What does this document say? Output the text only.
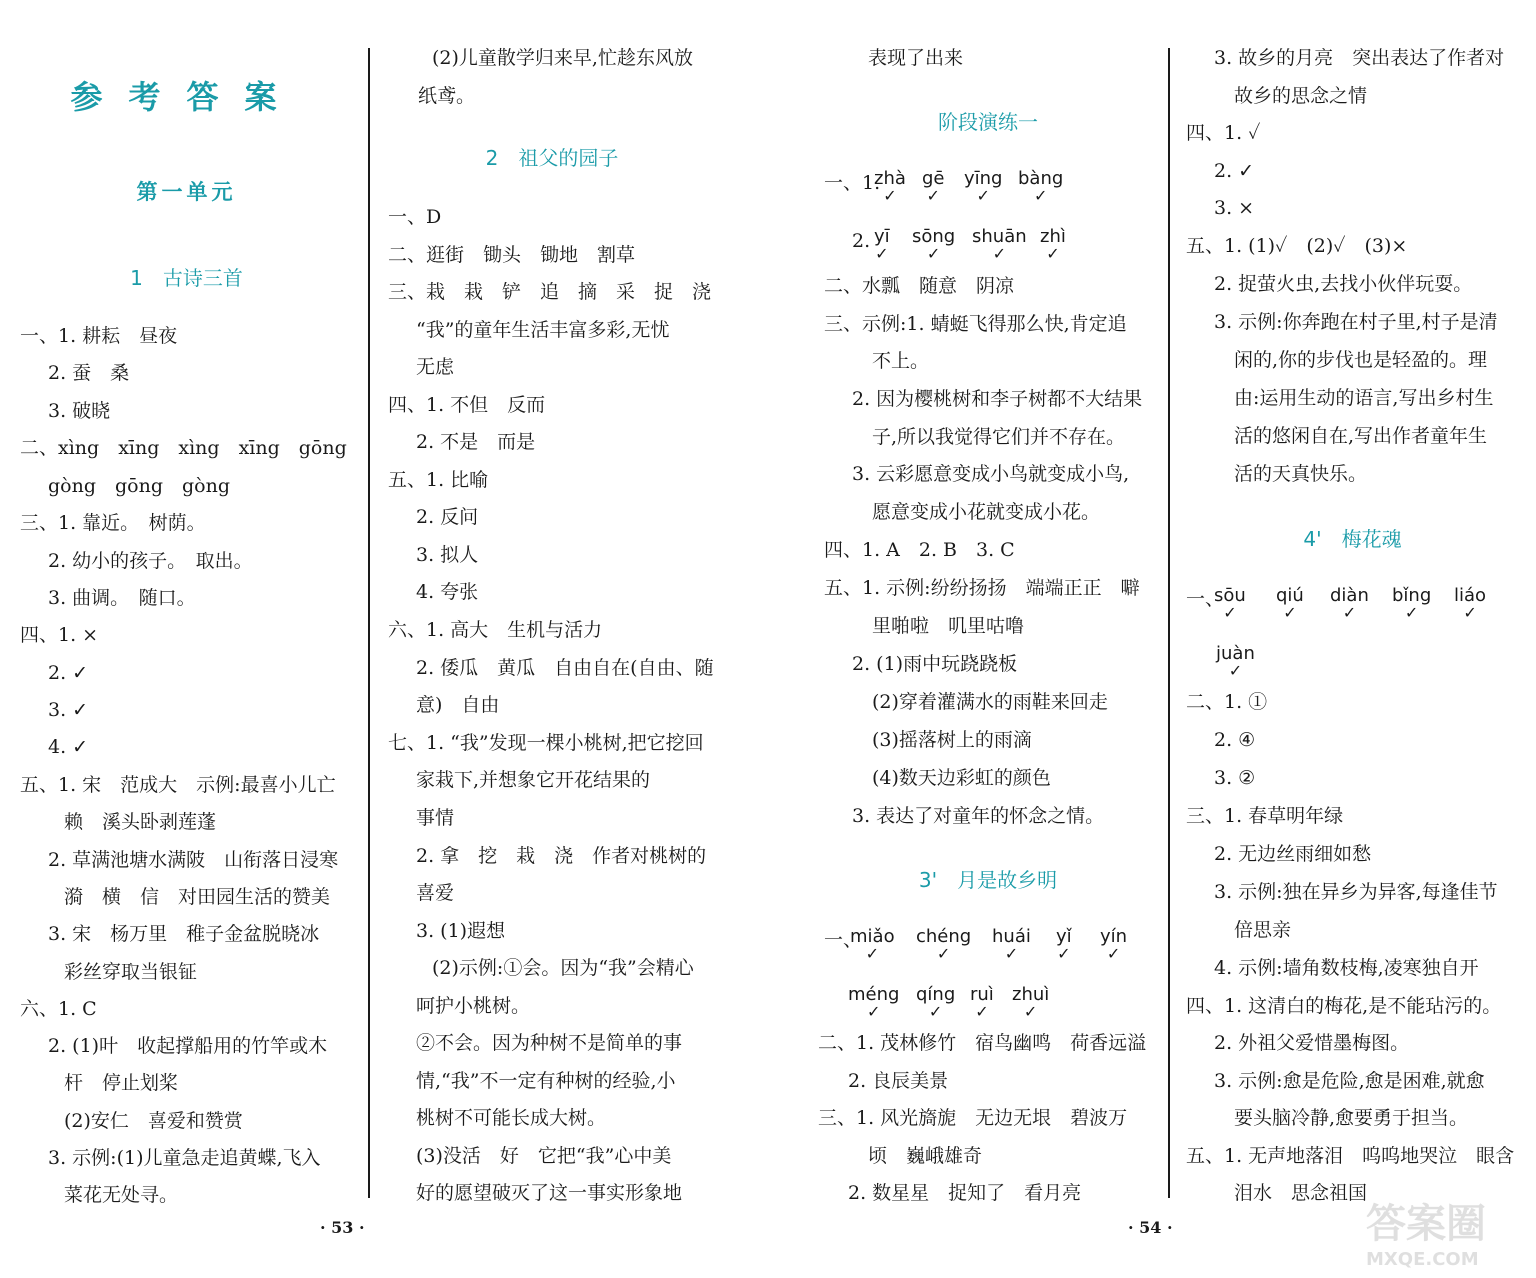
参考答案
第一单元
1　古诗三首
一、1. 耕耘　昼夜
2. 蚕　桑
3. 破晓
二、xìng　xīng　xìng　xīng　gōng
gòng　gōng　gòng
三、1. 靠近。　树荫。
2. 幼小的孩子。　取出。
3. 曲调。　随口。
四、1. ×
2. ✓
3. ✓
4. ✓
五、1. 宋　范成大　示例:最喜小儿亡
赖　溪头卧剥莲蓬
2. 草满池塘水满陂　山衔落日浸寒
漪　横　信　对田园生活的赞美
3. 宋　杨万里　稚子金盆脱晓冰
彩丝穿取当银钲
六、1. C
2. (1)叶　收起撑船用的竹竿或木
杆　停止划桨
(2)安仁　喜爱和赞赏
3. 示例:(1)儿童急走追黄蝶,飞入
菜花无处寻。
· 53 ·
(2)儿童散学归来早,忙趁东风放
纸鸢。
2　祖父的园子
一、D
二、逛街　锄头　锄地　割草
三、栽　栽　铲　追　摘　采　捉　浇
“我”的童年生活丰富多彩,无忧
无虑
四、1. 不但　反而
2. 不是　而是
五、1. 比喻
2. 反问
3. 拟人
4. 夸张
六、1. 高大　生机与活力
2. 倭瓜　黄瓜　自由自在(自由、随
意)　自由
七、1. “我”发现一棵小桃树,把它挖回
家栽下,并想象它开花结果的
事情
2. 拿　挖　栽　浇　作者对桃树的
喜爱
3. (1)遐想
(2)示例:①会。因为“我”会精心
呵护小桃树。
②不会。因为种树不是简单的事
情,“我”不一定有种树的经验,小
桃树不可能长成大树。
(3)没活　好　它把“我”心中美
好的愿望破灭了这一事实形象地
表现了出来
阶段演练一
一、1.
zhà
✓
gē
✓
yīng
✓
bàng
✓
2. yī
✓
sōng
✓
shuān
✓
zhì
✓
二、水瓢　随意　阴凉
三、示例:1. 蜻蜓飞得那么快,肯定追
不上。
2. 因为樱桃树和李子树都不大结果
子,所以我觉得它们并不存在。
3. 云彩愿意变成小鸟就变成小鸟,
愿意变成小花就变成小花。
四、1. A　2. B　3. C
五、1. 示例:纷纷扬扬　端端正正　噼
里啪啦　叽里咕噜
2. (1)雨中玩跷跷板
(2)穿着灌满水的雨鞋来回走
(3)摇落树上的雨滴
(4)数天边彩虹的颜色
3. 表达了对童年的怀念之情。
3'　月是故乡明
一、
miǎo
✓
chéng
✓
huái
✓
yǐ
✓
yín
✓
méng
✓
qíng
✓
ruì
✓
zhuì
✓
二、1. 茂林修竹　宿鸟幽鸣　荷香远溢
2. 良辰美景
三、1. 风光旖旎　无边无垠　碧波万
顷　巍峨雄奇
2. 数星星　捉知了　看月亮
· 54 ·
3. 故乡的月亮　突出表达了作者对
故乡的思念之情
四、1. ✓
2. ✓
3. ×
五、1. (1)✓　(2)✓　(3)×
2. 捉萤火虫,去找小伙伴玩耍。
3. 示例:你奔跑在村子里,村子是清
闲的,你的步伐也是轻盈的。理
由:运用生动的语言,写出乡村生
活的悠闲自在,写出作者童年生
活的天真快乐。
4'　梅花魂
一、
sōu
✓
qiú
✓
diàn
✓
bǐng
✓
liáo
✓
juàn
✓
二、1. ①
2. ④
3. ②
三、1. 春草明年绿
2. 无边丝雨细如愁
3. 示例:独在异乡为异客,每逢佳节
倍思亲
4. 示例:墙角数枝梅,凌寒独自开
四、1. 这清白的梅花,是不能玷污的。
2. 外祖父爱惜墨梅图。
3. 示例:愈是危险,愈是困难,就愈
要头脑冷静,愈要勇于担当。
五、1. 无声地落泪　呜呜地哭泣　眼含
泪水　思念祖国
答案圈
MXQE.COM
